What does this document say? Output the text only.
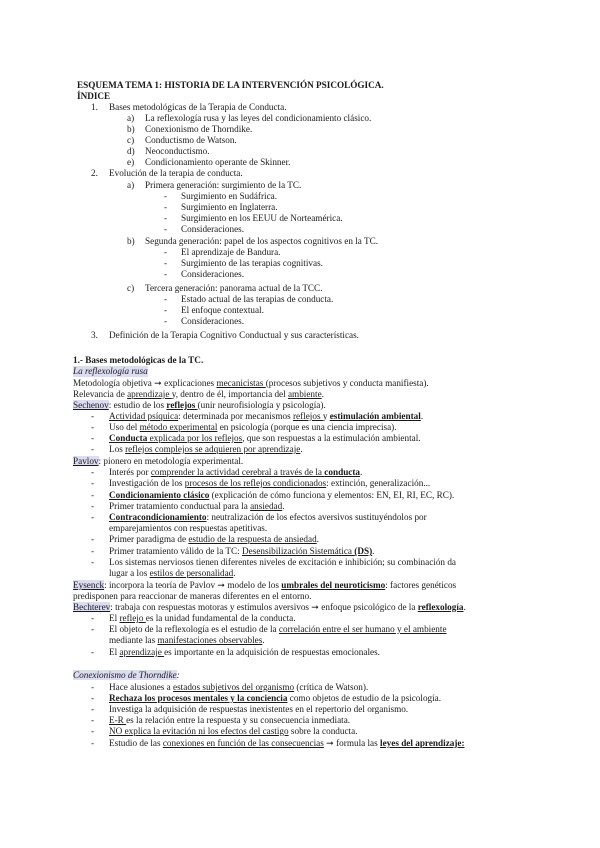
ESQUEMA TEMA 1: HISTORIA DE LA INTERVENCIÓN PSICOLÓGICA.
ÍNDICE
1. Bases metodológicas de la Terapia de Conducta.
a) La reflexología rusa y las leyes del condicionamiento clásico.
b) Conexionismo de Thorndike.
c) Conductismo de Watson.
d) Neoconductismo.
e) Condicionamiento operante de Skinner.
2. Evolución de la terapia de conducta.
a) Primera generación: surgimiento de la TC.
- Surgimiento en Sudáfrica.
- Surgimiento en Inglaterra.
- Surgimiento en los EEUU de Norteamérica.
- Consideraciones.
b) Segunda generación: papel de los aspectos cognitivos en la TC.
- El aprendizaje de Bandura.
- Surgimiento de las terapias cognitivas.
- Consideraciones.
c) Tercera generación: panorama actual de la TCC.
- Estado actual de las terapias de conducta.
- El enfoque contextual.
- Consideraciones.
3. Definición de la Terapia Cognitivo Conductual y sus características.
1.- Bases metodológicas de la TC.
La reflexología rusa
Metodología objetiva ➞ explicaciones mecanicistas (procesos subjetivos y conducta manifiesta).
Relevancia de aprendizaje y, dentro de él, importancia del ambiente.
Sechenov: estudio de los reflejos (unir neurofisiología y psicología).
- Actividad psíquica: determinada por mecanismos reflejos y estimulación ambiental.
- Uso del método experimental en psicología (porque es una ciencia imprecisa).
- Conducta explicada por los reflejos, que son respuestas a la estimulación ambiental.
- Los reflejos complejos se adquieren por aprendizaje.
Pavlov: pionero en metodología experimental.
- Interés por comprender la actividad cerebral a través de la conducta.
- Investigación de los procesos de los reflejos condicionados: extinción, generalización...
- Condicionamiento clásico (explicación de cómo funciona y elementos: EN, EI, RI, EC, RC).
- Primer tratamiento conductual para la ansiedad.
- Contracondicionamiento: neutralización de los efectos aversivos sustituyéndolos por
emparejamientos con respuestas apetitivas.
- Primer paradigma de estudio de la respuesta de ansiedad.
- Primer tratamiento válido de la TC: Desensibilización Sistemática (DS).
- Los sistemas nerviosos tienen diferentes niveles de excitación e inhibición; su combinación da
lugar a los estilos de personalidad.
Eysenck: incorpora la teoría de Pavlov ➞ modelo de los umbrales del neuroticismo: factores genéticos
predisponen para reaccionar de maneras diferentes en el entorno.
Bechterev: trabaja con respuestas motoras y estímulos aversivos ➞ enfoque psicológico de la reflexología.
- El reflejo es la unidad fundamental de la conducta.
- El objeto de la reflexología es el estudio de la correlación entre el ser humano y el ambiente
mediante las manifestaciones observables.
- El aprendizaje es importante en la adquisición de respuestas emocionales.
Conexionismo de Thorndike:
- Hace alusiones a estados subjetivos del organismo (crítica de Watson).
- Rechaza los procesos mentales y la conciencia como objetos de estudio de la psicología.
- Investiga la adquisición de respuestas inexistentes en el repertorio del organismo.
- E-R es la relación entre la respuesta y su consecuencia inmediata.
- NO explica la evitación ni los efectos del castigo sobre la conducta.
- Estudio de las conexiones en función de las consecuencias ➞ formula las leyes del aprendizaje:
